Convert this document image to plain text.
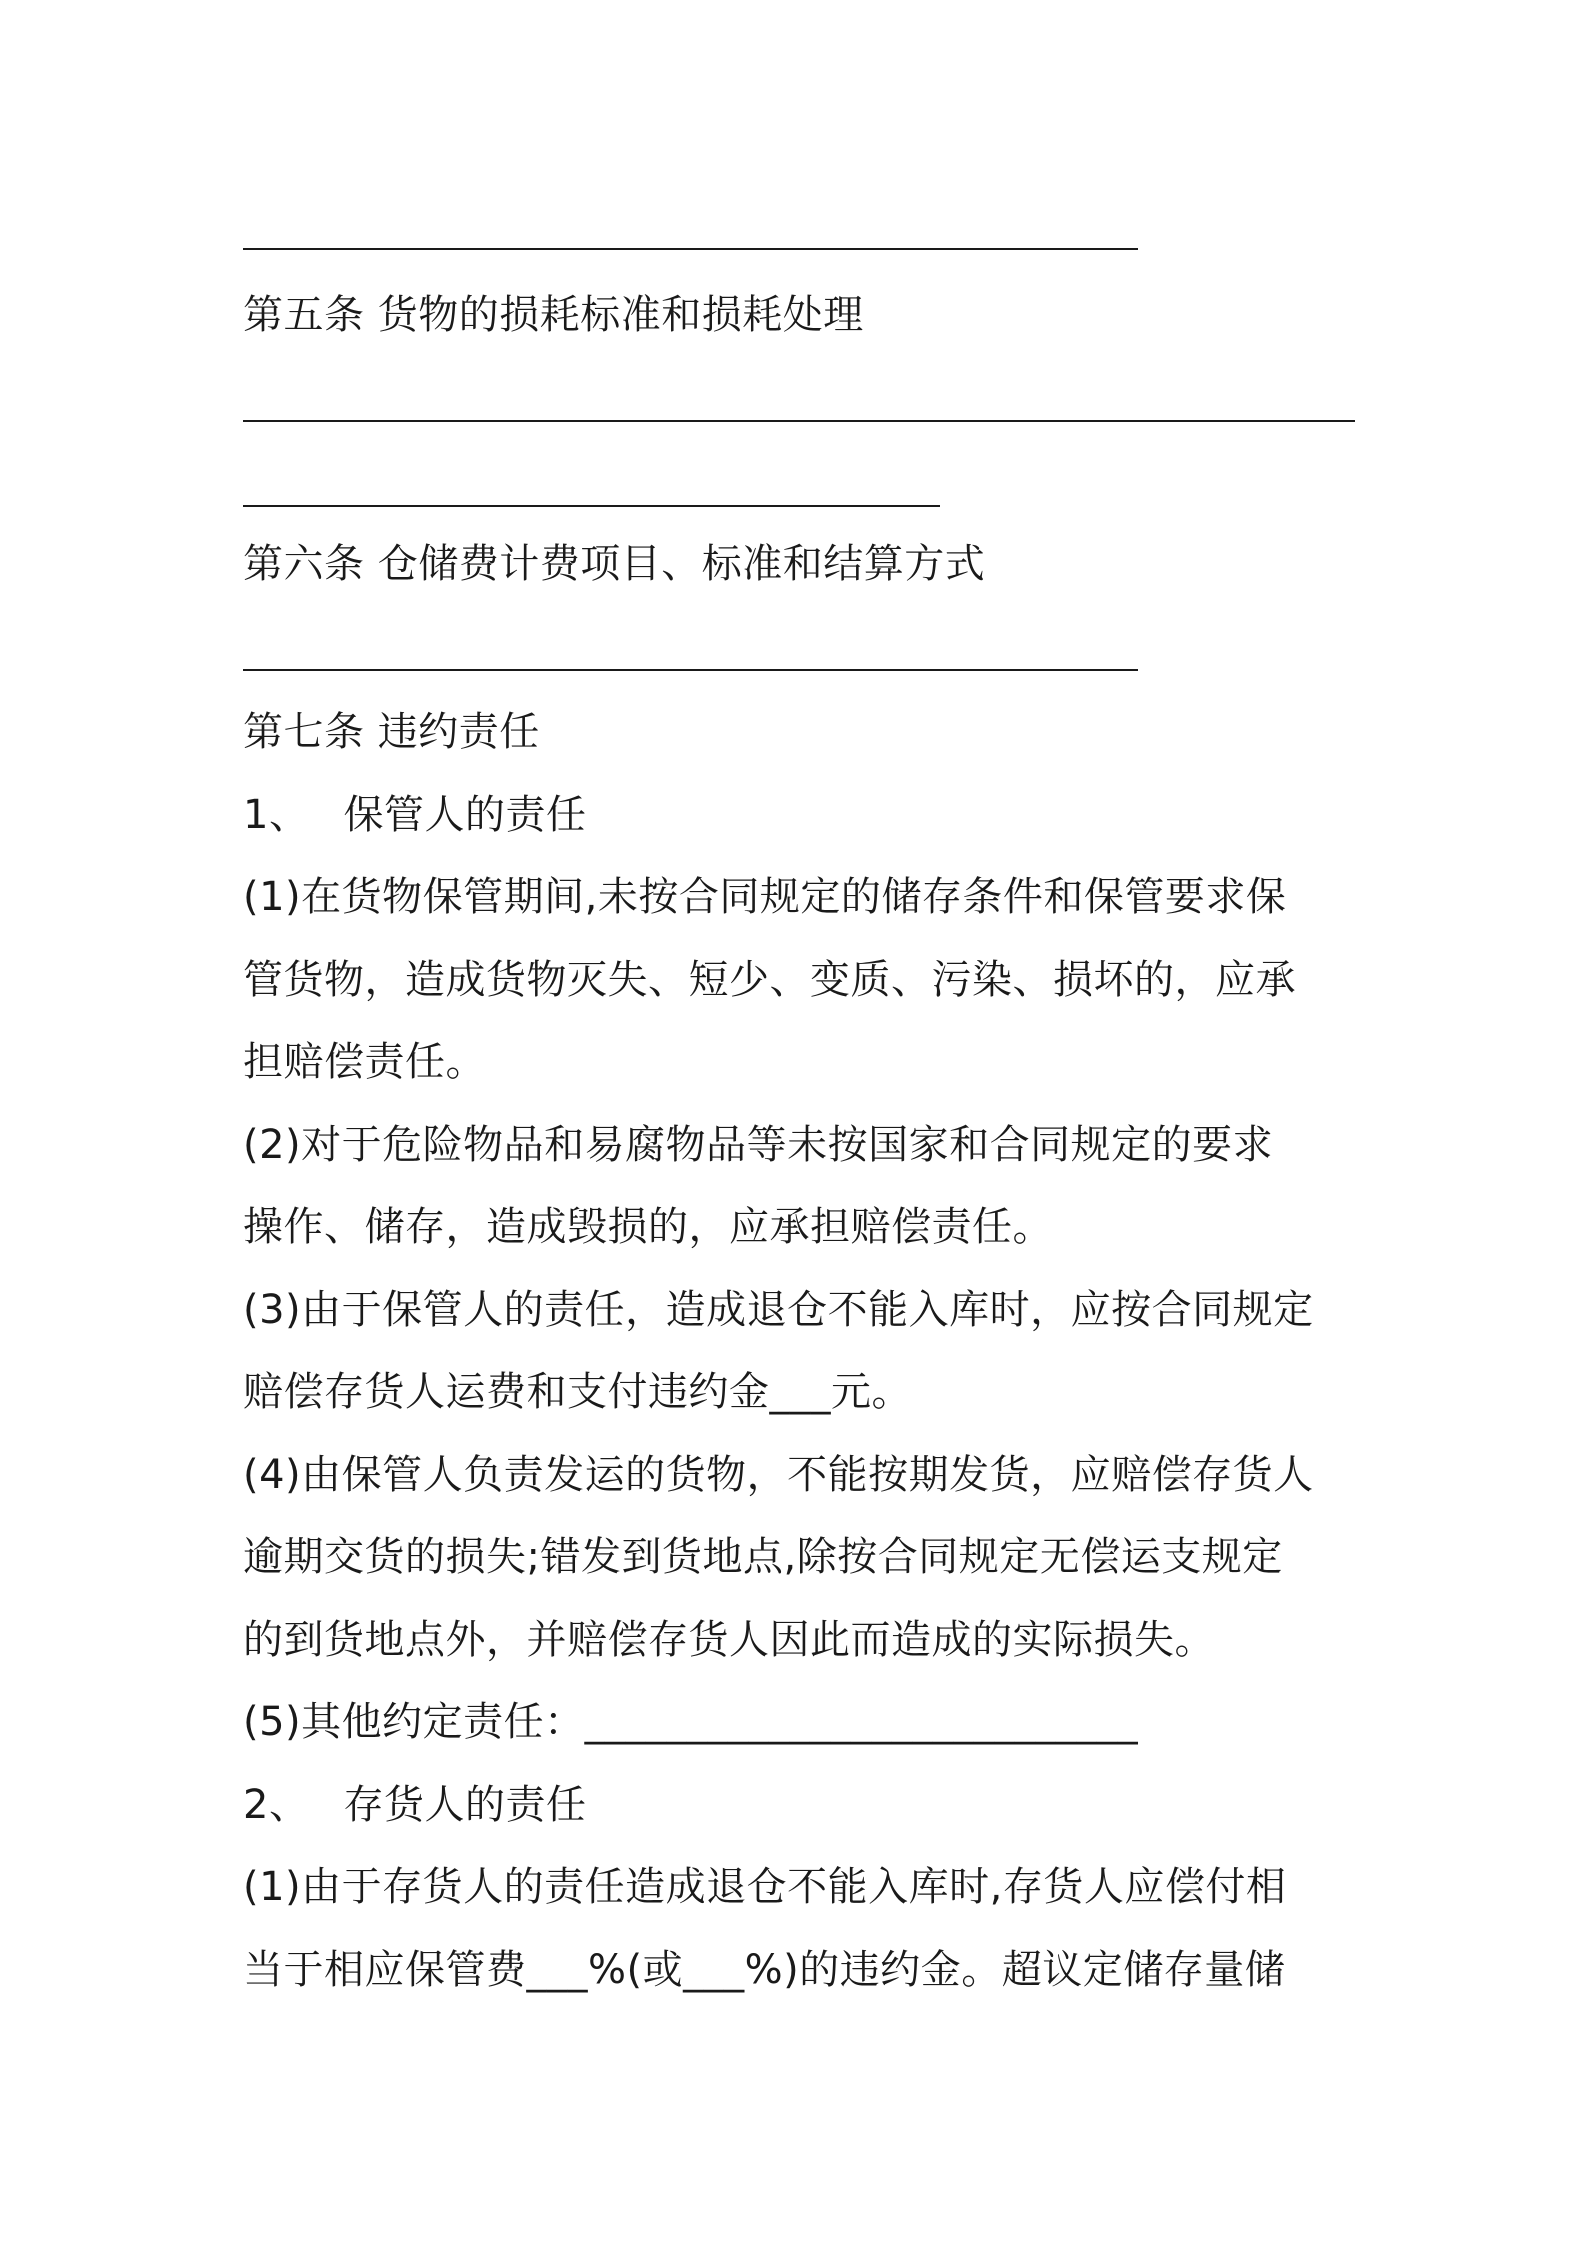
第五条 货物的损耗标准和损耗处理

第六条 仓储费计费项目、标准和结算方式

第七条 违约责任

1、 保管人的责任

(1)在货物保管期间,未按合同规定的储存条件和保管要求保

管货物，造成货物灭失、短少、变质、污染、损坏的，应承

担赔偿责任。

(2)对于危险物品和易腐物品等未按国家和合同规定的要求

操作、储存，造成毁损的，应承担赔偿责任。

(3)由于保管人的责任，造成退仓不能入库时，应按合同规定

赔偿存货人运费和支付违约金___元。

(4)由保管人负责发运的货物，不能按期发货，应赔偿存货人

逾期交货的损失;错发到货地点,除按合同规定无偿运支规定

的到货地点外，并赔偿存货人因此而造成的实际损失。

(5)其他约定责任：___________________________

2、 存货人的责任

(1)由于存货人的责任造成退仓不能入库时,存货人应偿付相

当于相应保管费___%(或___%)的违约金。超议定储存量储
